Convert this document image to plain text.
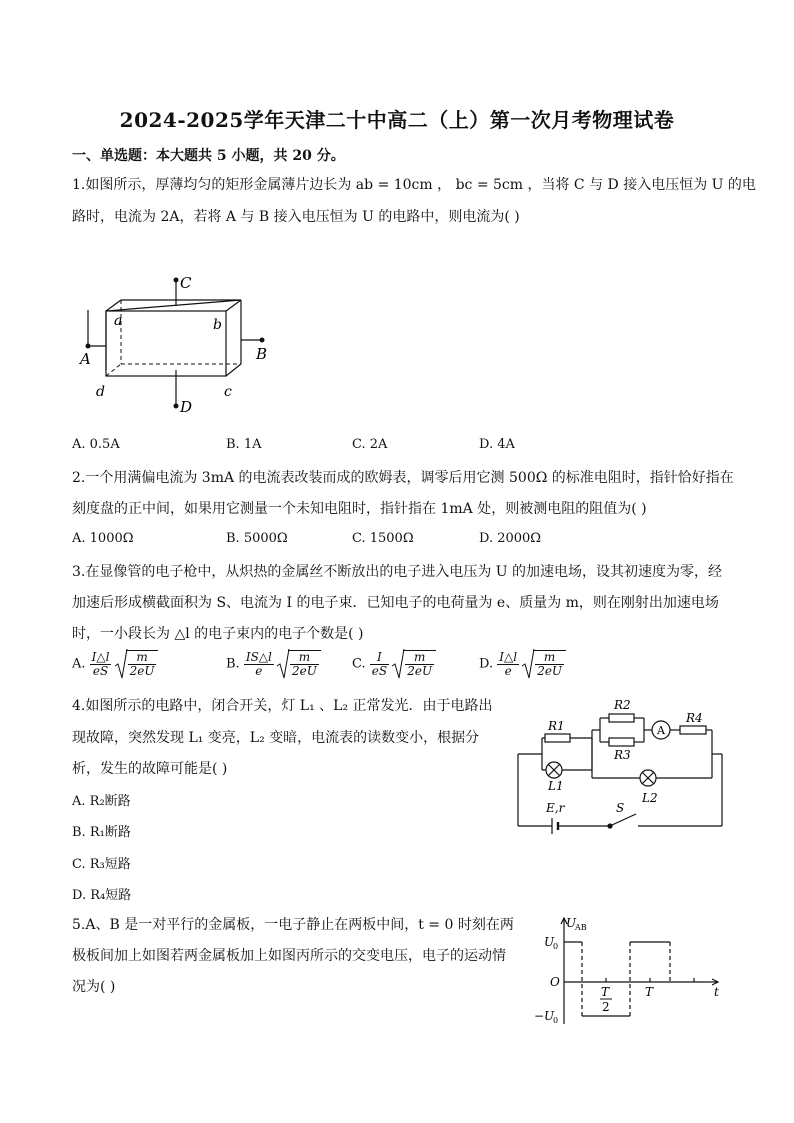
2024-2025学年天津二十中高二（上）第一次月考物理试卷
一、单选题：本大题共 5 小题，共 20 分。
1.如图所示，厚薄均匀的矩形金属薄片边长为 ab = 10cm ， bc = 5cm ，当将 C 与 D 接入电压恒为 U 的电
路时，电流为 2A，若将 A 与 B 接入电压恒为 U 的电路中，则电流为( )
C
a	b
A	B
d	c
D
A. 0.5A	B. 1A	C. 2A	D. 4A
2.一个用满偏电流为 3mA 的电流表改装而成的欧姆表，调零后用它测 500Ω 的标准电阻时，指针恰好指在
刻度盘的正中间，如果用它测量一个未知电阻时，指针指在 1mA 处，则被测电阻的阻值为( )
A. 1000Ω	B. 5000Ω	C. 1500Ω	D. 2000Ω
3.在显像管的电子枪中，从炽热的金属丝不断放出的电子进入电压为 U 的加速电场，设其初速度为零，经
加速后形成横截面积为 S、电流为 I 的电子束．已知电子的电荷量为 e、质量为 m，则在刚射出加速电场
时，一小段长为 △l 的电子束内的电子个数是( )
A. $\frac{I\triangle l}{eS}$
$\frac{m}{2eU}$	B. $\frac{IS\triangle l}{e}$
$\frac{m}{2eU}$	C. $\frac{I}{eS}$
$\frac{m}{2eU}$	D. $\frac{I\triangle l}{e}$
$\frac{m}{2eU}$
4.如图所示的电路中，闭合开关，灯 L₁ 、L₂ 正常发光．由于电路出
现故障，突然发现 L₁ 变亮，L₂ 变暗，电流表的读数变小，根据分
析，发生的故障可能是( )
A. R₂断路
B. R₁断路
C. R₃短路
D. R₄短路
R1
L1
R2
R3
A
R4
L2
E,r	S
5.A、B 是一对平行的金属板，一电子静止在两板中间，t = 0 时刻在两
极板间加上如图若两金属板加上如图丙所示的交变电压，电子的运动情
况为( )
U
AB
U
0
O
−U
0
T
2
T	t
